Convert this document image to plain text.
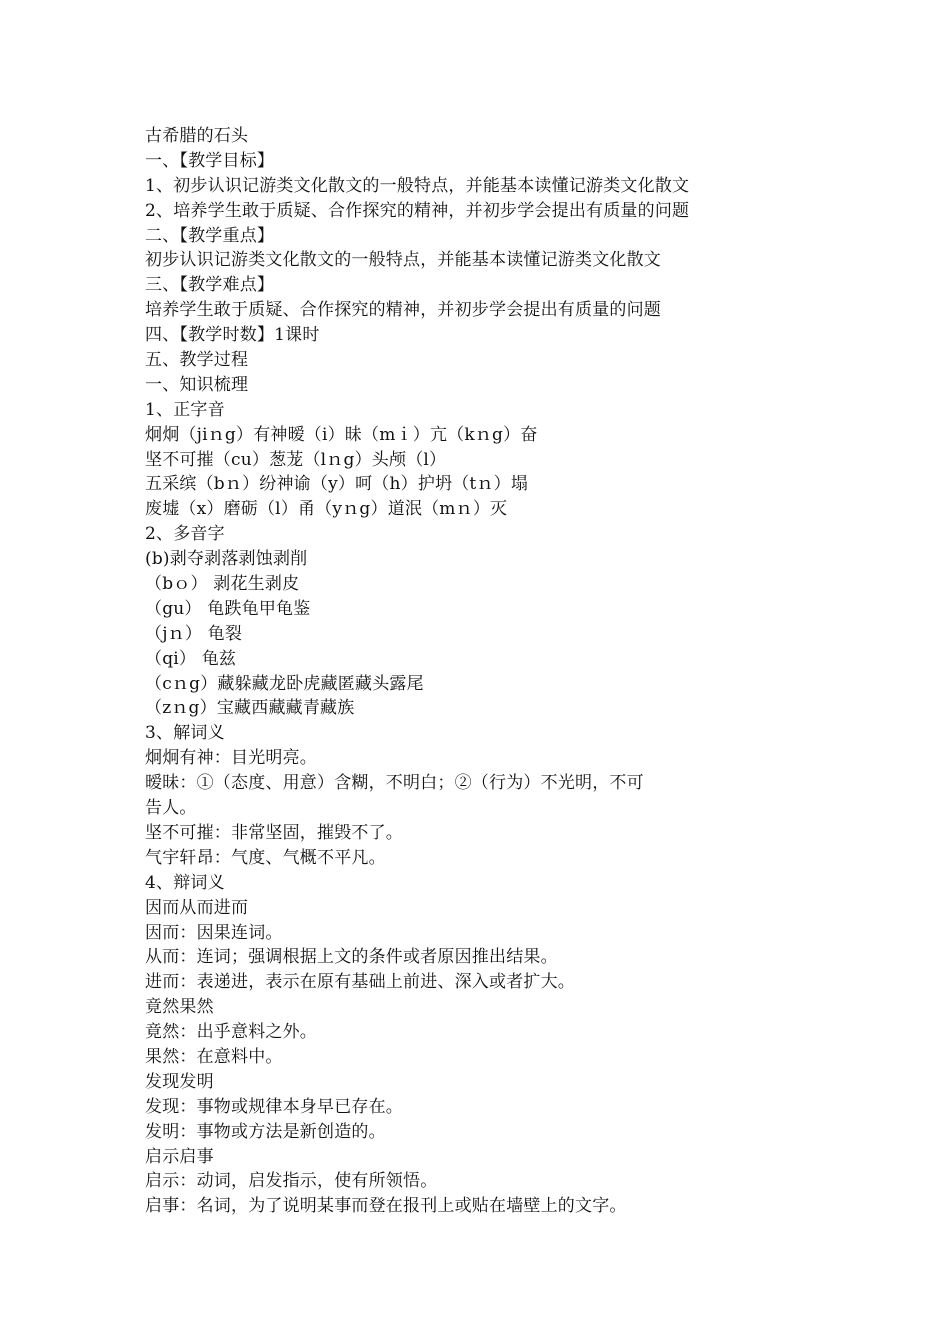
古希腊的石头
一、【教学目标】
1、初步认识记游类文化散文的一般特点，并能基本读懂记游类文化散文
2、培养学生敢于质疑、合作探究的精神，并初步学会提出有质量的问题
二、【教学重点】
初步认识记游类文化散文的一般特点，并能基本读懂记游类文化散文
三、【教学难点】
培养学生敢于质疑、合作探究的精神，并初步学会提出有质量的问题
四、【教学时数】1课时
五、教学过程
一、知识梳理
1、正字音
炯炯（jiｎg）有神暧（i）昧（mｉ）亢（kｎg）奋
坚不可摧（cu）葱茏（lｎg）头颅（l）
五采缤（bｎ）纷神谕（y）呵（h）护坍（tｎ）塌
废墟（x）磨砺（l）甬（yｎg）道泯（mｎ）灭
2、多音字
(b)剥夺剥落剥蚀剥削
（bｏ） 剥花生剥皮
（gu） 龟跌龟甲龟鉴
（jｎ） 龟裂
（qi） 龟兹
（cｎg）藏躲藏龙卧虎藏匿藏头露尾
（zｎg）宝藏西藏藏青藏族
3、解词义
炯炯有神：目光明亮。
暧昧：①（态度、用意）含糊，不明白；②（行为）不光明，不可
告人。
坚不可摧：非常坚固，摧毁不了。
气宇轩昂：气度、气概不平凡。
4、辩词义
因而从而进而
因而：因果连词。
从而：连词；强调根据上文的条件或者原因推出结果。
进而：表递进，表示在原有基础上前进、深入或者扩大。
竟然果然
竟然：出乎意料之外。
果然：在意料中。
发现发明
发现：事物或规律本身早已存在。
发明：事物或方法是新创造的。
启示启事
启示：动词，启发指示，使有所领悟。
启事：名词，为了说明某事而登在报刊上或贴在墙壁上的文字。
